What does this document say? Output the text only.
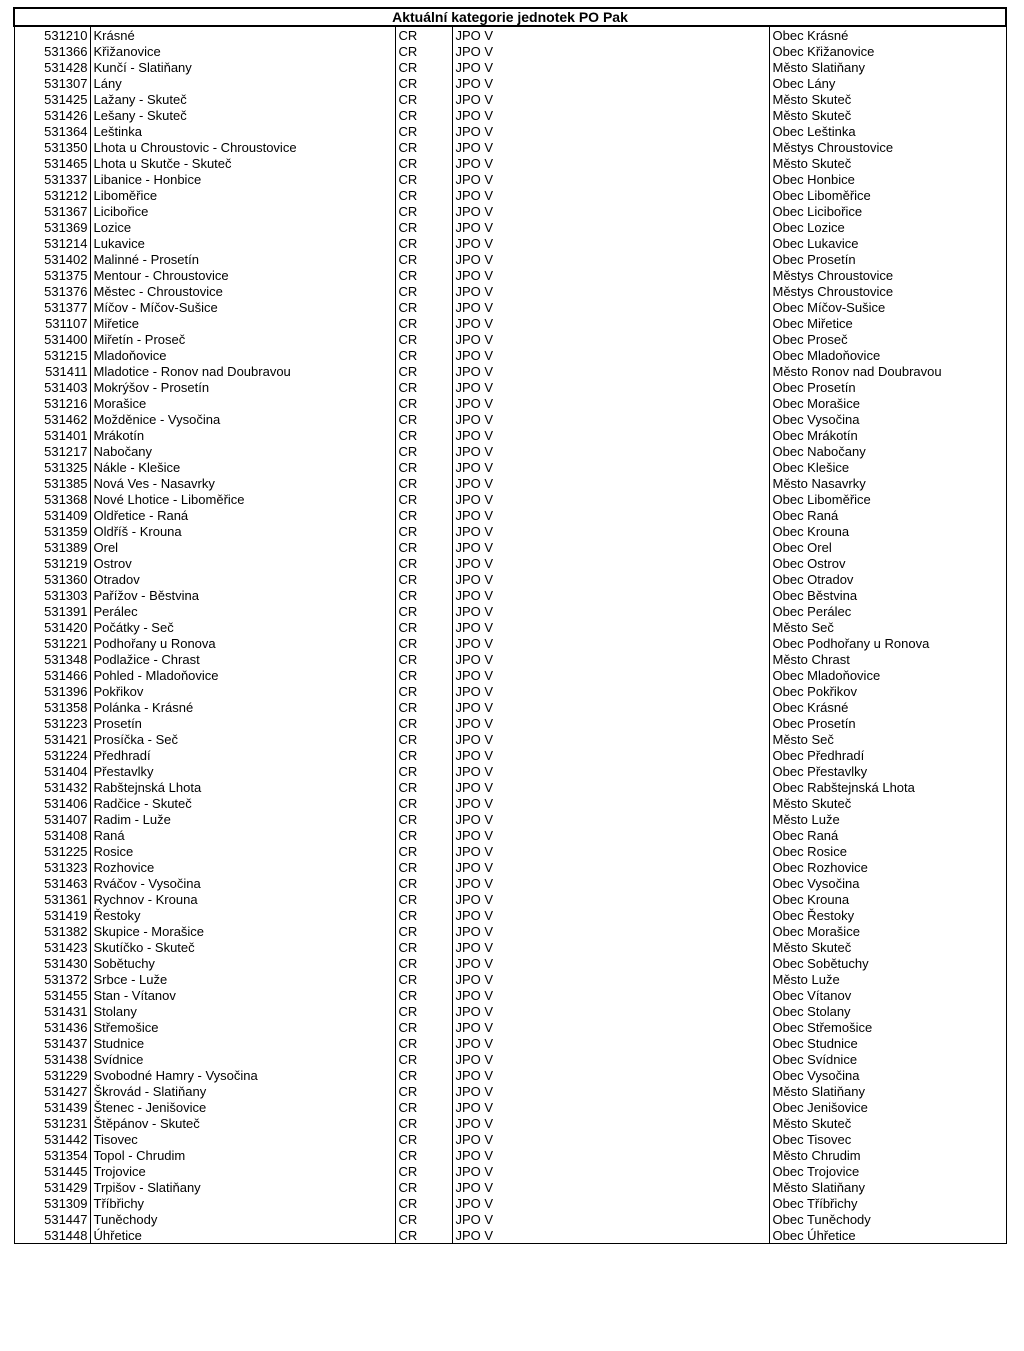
Aktuální kategorie jednotek PO Pak				
531210	Krásné	CR	JPO V	Obec Krásné
531366	Křižanovice	CR	JPO V	Obec Křižanovice
531428	Kunčí - Slatiňany	CR	JPO V	Město Slatiňany
531307	Lány	CR	JPO V	Obec Lány
531425	Lažany - Skuteč	CR	JPO V	Město Skuteč
531426	Lešany - Skuteč	CR	JPO V	Město Skuteč
531364	Leštinka	CR	JPO V	Obec Leštinka
531350	Lhota u Chroustovic - Chroustovice	CR	JPO V	Městys Chroustovice
531465	Lhota u Skutče - Skuteč	CR	JPO V	Město Skuteč
531337	Libanice - Honbice	CR	JPO V	Obec Honbice
531212	Liboměřice	CR	JPO V	Obec Liboměřice
531367	Licibořice	CR	JPO V	Obec Licibořice
531369	Lozice	CR	JPO V	Obec Lozice
531214	Lukavice	CR	JPO V	Obec Lukavice
531402	Malinné - Prosetín	CR	JPO V	Obec Prosetín
531375	Mentour - Chroustovice	CR	JPO V	Městys Chroustovice
531376	Městec - Chroustovice	CR	JPO V	Městys Chroustovice
531377	Míčov - Míčov-Sušice	CR	JPO V	Obec Míčov-Sušice
531107	Miřetice	CR	JPO V	Obec Miřetice
531400	Miřetín - Proseč	CR	JPO V	Obec Proseč
531215	Mladoňovice	CR	JPO V	Obec Mladoňovice
531411	Mladotice - Ronov nad Doubravou	CR	JPO V	Město Ronov nad Doubravou
531403	Mokrýšov - Prosetín	CR	JPO V	Obec Prosetín
531216	Morašice	CR	JPO V	Obec Morašice
531462	Možděnice - Vysočina	CR	JPO V	Obec Vysočina
531401	Mrákotín	CR	JPO V	Obec Mrákotín
531217	Nabočany	CR	JPO V	Obec Nabočany
531325	Nákle - Klešice	CR	JPO V	Obec Klešice
531385	Nová Ves - Nasavrky	CR	JPO V	Město Nasavrky
531368	Nové Lhotice - Liboměřice	CR	JPO V	Obec Liboměřice
531409	Oldřetice - Raná	CR	JPO V	Obec Raná
531359	Oldříš - Krouna	CR	JPO V	Obec Krouna
531389	Orel	CR	JPO V	Obec Orel
531219	Ostrov	CR	JPO V	Obec Ostrov
531360	Otradov	CR	JPO V	Obec Otradov
531303	Pařížov - Běstvina	CR	JPO V	Obec Běstvina
531391	Perálec	CR	JPO V	Obec Perálec
531420	Počátky - Seč	CR	JPO V	Město Seč
531221	Podhořany u Ronova	CR	JPO V	Obec Podhořany u Ronova
531348	Podlažice - Chrast	CR	JPO V	Město Chrast
531466	Pohled - Mladoňovice	CR	JPO V	Obec Mladoňovice
531396	Pokřikov	CR	JPO V	Obec Pokřikov
531358	Polánka - Krásné	CR	JPO V	Obec Krásné
531223	Prosetín	CR	JPO V	Obec Prosetín
531421	Prosíčka - Seč	CR	JPO V	Město Seč
531224	Předhradí	CR	JPO V	Obec Předhradí
531404	Přestavlky	CR	JPO V	Obec Přestavlky
531432	Rabštejnská Lhota	CR	JPO V	Obec Rabštejnská Lhota
531406	Radčice - Skuteč	CR	JPO V	Město Skuteč
531407	Radim - Luže	CR	JPO V	Město Luže
531408	Raná	CR	JPO V	Obec Raná
531225	Rosice	CR	JPO V	Obec Rosice
531323	Rozhovice	CR	JPO V	Obec Rozhovice
531463	Rváčov - Vysočina	CR	JPO V	Obec Vysočina
531361	Rychnov - Krouna	CR	JPO V	Obec Krouna
531419	Řestoky	CR	JPO V	Obec Řestoky
531382	Skupice - Morašice	CR	JPO V	Obec Morašice
531423	Skutíčko - Skuteč	CR	JPO V	Město Skuteč
531430	Sobětuchy	CR	JPO V	Obec Sobětuchy
531372	Srbce - Luže	CR	JPO V	Město Luže
531455	Stan - Vítanov	CR	JPO V	Obec Vítanov
531431	Stolany	CR	JPO V	Obec Stolany
531436	Střemošice	CR	JPO V	Obec Střemošice
531437	Studnice	CR	JPO V	Obec Studnice
531438	Svídnice	CR	JPO V	Obec Svídnice
531229	Svobodné Hamry - Vysočina	CR	JPO V	Obec Vysočina
531427	Škrovád - Slatiňany	CR	JPO V	Město Slatiňany
531439	Štenec - Jenišovice	CR	JPO V	Obec Jenišovice
531231	Štěpánov - Skuteč	CR	JPO V	Město Skuteč
531442	Tisovec	CR	JPO V	Obec Tisovec
531354	Topol - Chrudim	CR	JPO V	Město Chrudim
531445	Trojovice	CR	JPO V	Obec Trojovice
531429	Trpišov - Slatiňany	CR	JPO V	Město Slatiňany
531309	Tříbřichy	CR	JPO V	Obec Tříbřichy
531447	Tuněchody	CR	JPO V	Obec Tuněchody
531448	Úhřetice	CR	JPO V	Obec Úhřetice
